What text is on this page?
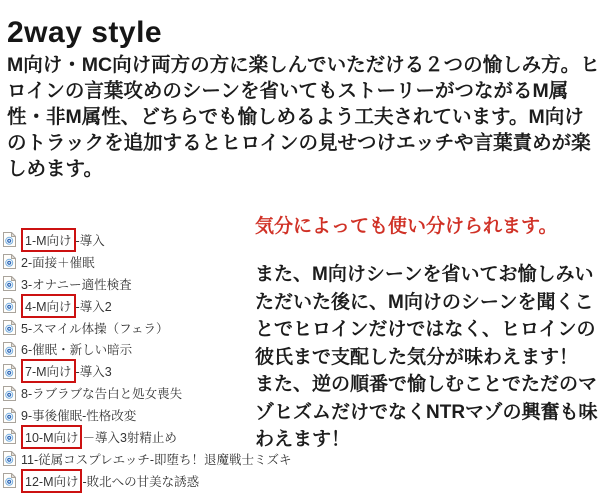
2way style

M向け・MC向け両方の方に楽しんでいただける２つの愉しみ方。ヒロインの言葉攻めのシーンを省いてもストーリーがつながるM属性・非M属性、どちらでも愉しめるよう工夫されています。M向けのトラックを追加するとヒロインの見せつけエッチや言葉責めが楽しめます。

1-M向け -導入
2-面接＋催眠
3-オナニー適性検査
4-M向け -導入2
5-スマイル体操（フェラ）
6-催眠・新しい暗示
7-M向け -導入3
8-ラブラブな告白と処女喪失
9-事後催眠-性格改変
10-M向け －導入3射精止め
11-従属コスプレエッチ-即堕ち！退魔戦士ミズキ
12-M向け -敗北への甘美な誘惑
気分によっても使い分けられます。

また、M向けシーンを省いてお愉しみいただいた後に、M向けのシーンを聞くことでヒロインだけではなく、ヒロインの彼氏まで支配した気分が味わえます！

また、逆の順番で愉しむことでただのマゾヒズムだけでなくNTRマゾの興奮も味わえます！
